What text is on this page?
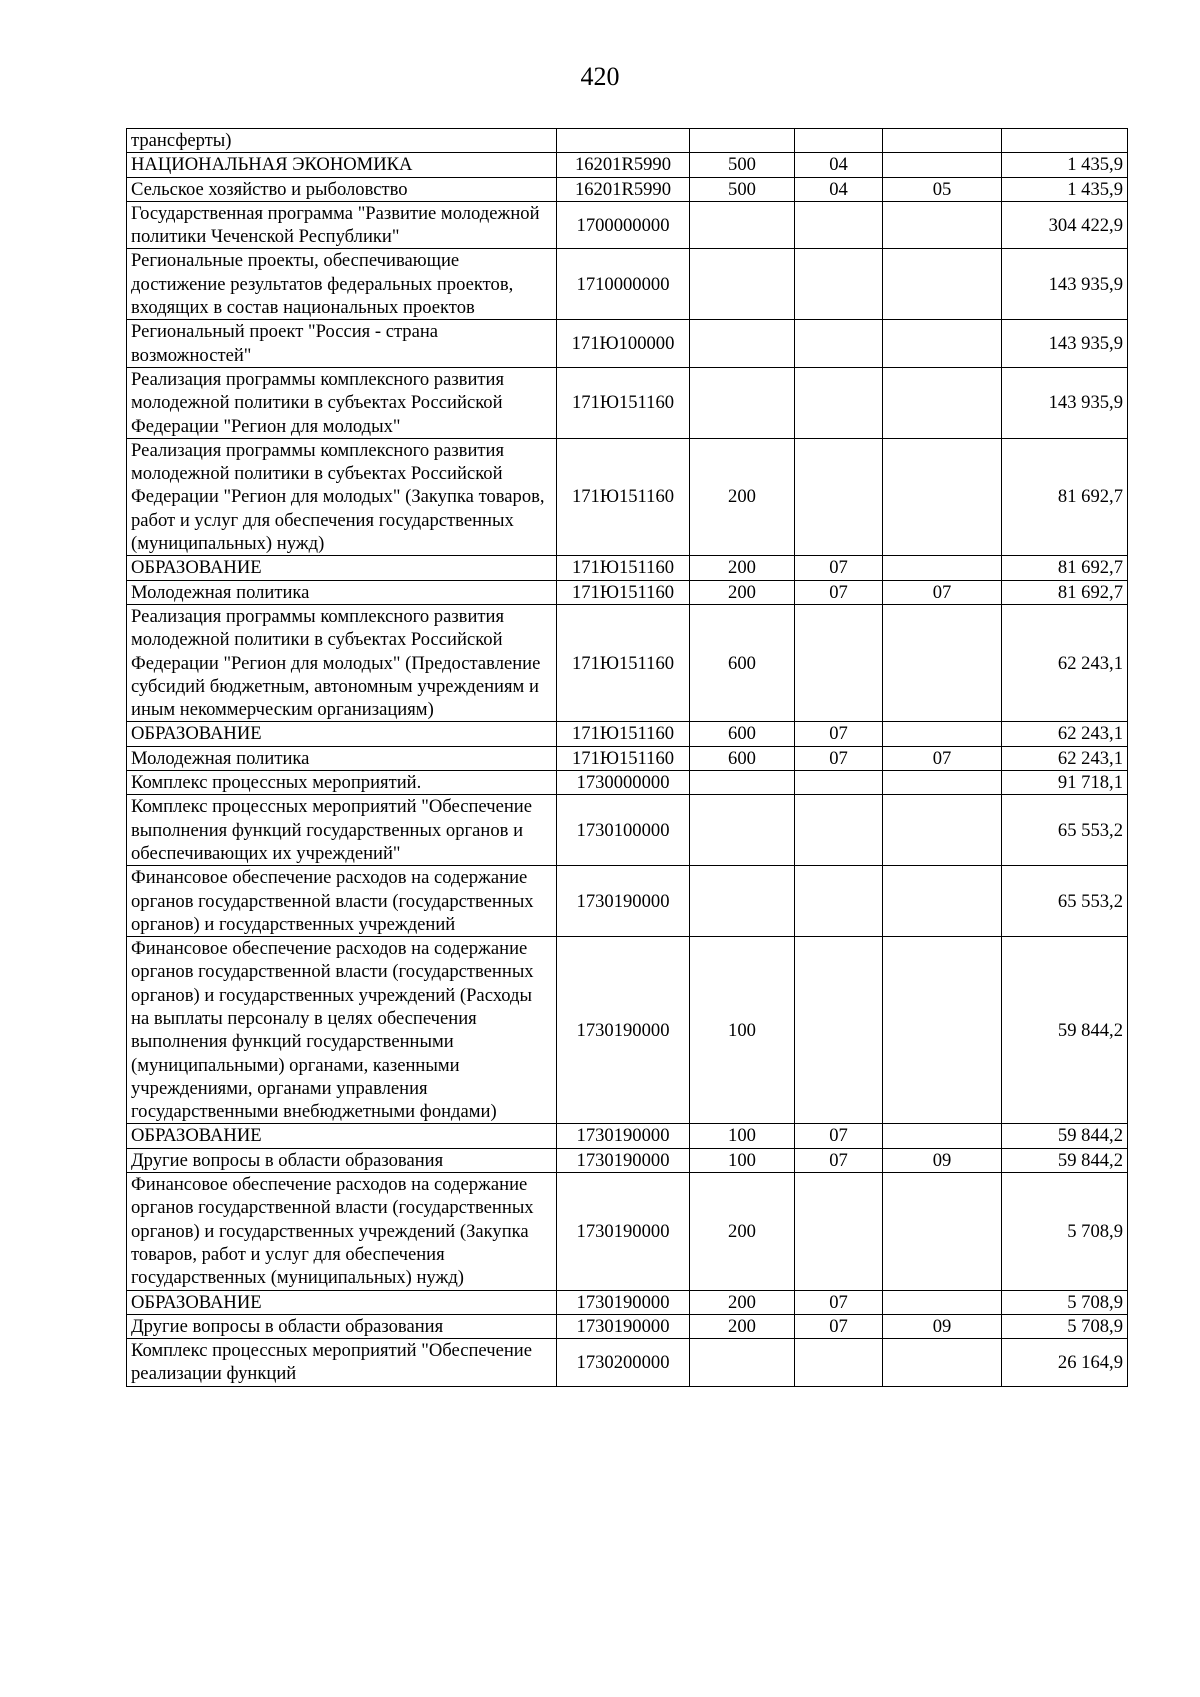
420
трансферты)					
НАЦИОНАЛЬНАЯ ЭКОНОМИКА	16201R5990	500	04		1 435,9
Сельское хозяйство и рыболовство	16201R5990	500	04	05	1 435,9
Государственная программа "Развитие молодежной политики Чеченской Республики"	1700000000				304 422,9
Региональные проекты, обеспечивающие достижение результатов федеральных проектов, входящих в состав национальных проектов	1710000000				143 935,9
Региональный проект "Россия - страна возможностей"	171Ю100000				143 935,9
Реализация программы комплексного развития молодежной политики в субъектах Российской Федерации "Регион для молодых"	171Ю151160				143 935,9
Реализация программы комплексного развития молодежной политики в субъектах Российской Федерации "Регион для молодых" (Закупка товаров, работ и услуг для обеспечения государственных (муниципальных) нужд)	171Ю151160	200			81 692,7
ОБРАЗОВАНИЕ	171Ю151160	200	07		81 692,7
Молодежная политика	171Ю151160	200	07	07	81 692,7
Реализация программы комплексного развития молодежной политики в субъектах Российской Федерации "Регион для молодых" (Предоставление субсидий бюджетным, автономным учреждениям и иным некоммерческим организациям)	171Ю151160	600			62 243,1
ОБРАЗОВАНИЕ	171Ю151160	600	07		62 243,1
Молодежная политика	171Ю151160	600	07	07	62 243,1
Комплекс процессных мероприятий.	1730000000				91 718,1
Комплекс процессных мероприятий "Обеспечение выполнения функций государственных органов и обеспечивающих их учреждений"	1730100000				65 553,2
Финансовое обеспечение расходов на содержание органов государственной власти (государственных органов) и государственных учреждений	1730190000				65 553,2
Финансовое обеспечение расходов на содержание органов государственной власти (государственных органов) и государственных учреждений (Расходы на выплаты персоналу в целях обеспечения выполнения функций государственными (муниципальными) органами, казенными учреждениями, органами управления государственными внебюджетными фондами)	1730190000	100			59 844,2
ОБРАЗОВАНИЕ	1730190000	100	07		59 844,2
Другие вопросы в области образования	1730190000	100	07	09	59 844,2
Финансовое обеспечение расходов на содержание органов государственной власти (государственных органов) и государственных учреждений (Закупка товаров, работ и услуг для обеспечения государственных (муниципальных) нужд)	1730190000	200			5 708,9
ОБРАЗОВАНИЕ	1730190000	200	07		5 708,9
Другие вопросы в области образования	1730190000	200	07	09	5 708,9
Комплекс процессных мероприятий "Обеспечение реализации функций	1730200000				26 164,9
